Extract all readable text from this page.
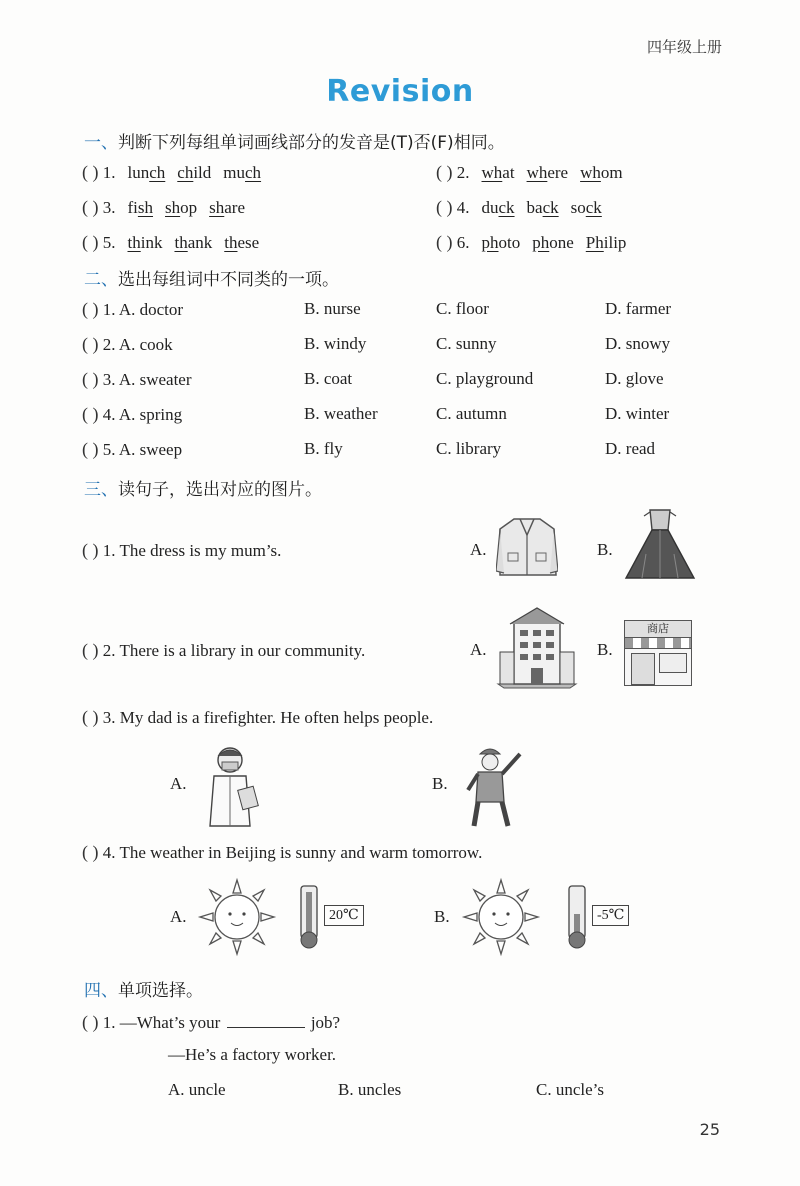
四年级上册
Revision
一、判断下列每组单词画线部分的发音是(T)否(F)相同。
( ) 1. lunch child much	( ) 2. what where whom
( ) 3. fish shop share	( ) 4. duck back sock
( ) 5. think thank these	( ) 6. photo phone Philip
二、选出每组词中不同类的一项。
( ) 1. A. doctor	B. nurse	C. floor	D. farmer
( ) 2. A. cook	B. windy	C. sunny	D. snowy
( ) 3. A. sweater	B. coat	C. playground	D. glove
( ) 4. A. spring	B. weather	C. autumn	D. winter
( ) 5. A. sweep	B. fly	C. library	D. read
三、读句子，选出对应的图片。
( ) 1. The dress is my mum’s.	A.	B.
( ) 2. There is a library in our community.	A.	B.
商店
( ) 3. My dad is a firefighter. He often helps people.
A.	B.
( ) 4. The weather in Beijing is sunny and warm tomorrow.
A.	B.
20℃	-5℃
四、单项选择。
( ) 1. —What’s your	job?
—He’s a factory worker.
A. uncle	B. uncles	C. uncle’s
25
